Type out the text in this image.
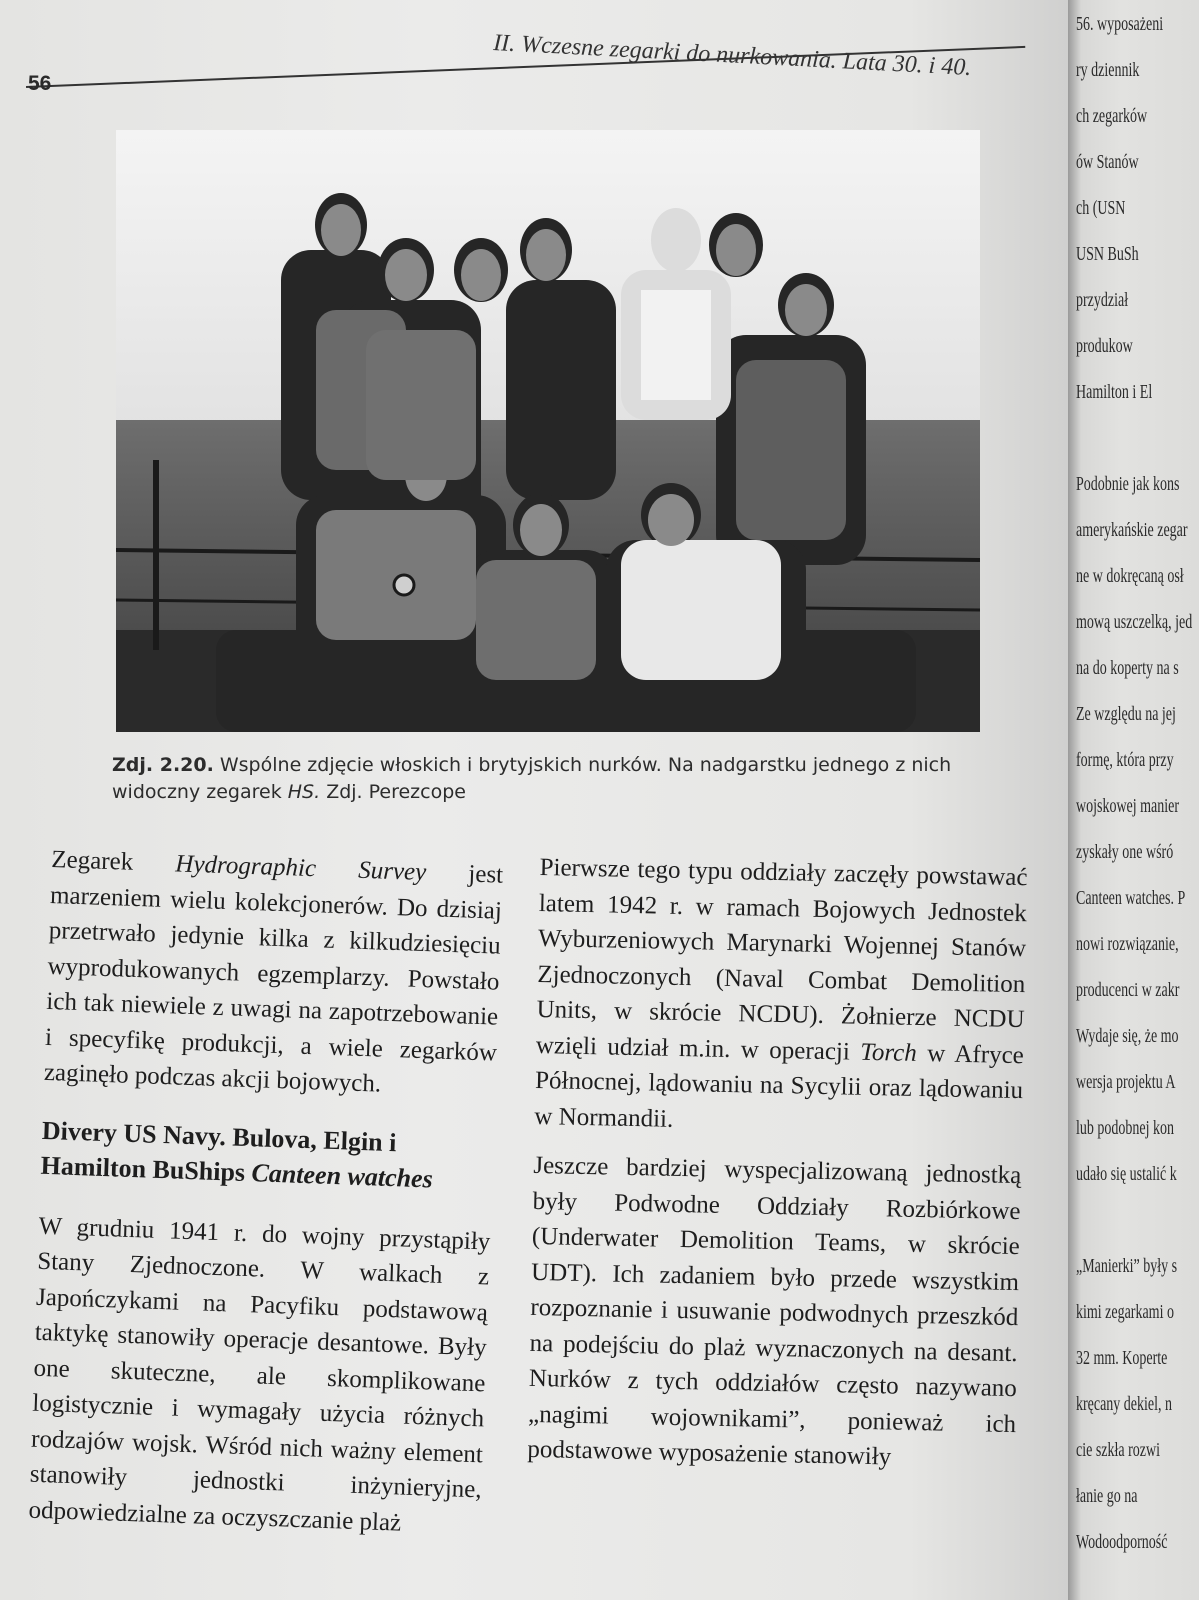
II. Wczesne zegarki do nurkowania. Lata 30. i 40.
56
Zdj. 2.20. Wspólne zdjęcie włoskich i brytyjskich nurków. Na nadgarstku jednego z nich widoczny zegarek HS. Zdj. Perezcope

Zegarek Hydrographic Survey jest marzeniem wielu kolekcjonerów. Do dzisiaj przetrwało jedynie kilka z kilkudziesięciu wyprodukowanych egzemplarzy. Powstało ich tak niewiele z uwagi na zapotrzebowanie i specyfikę produkcji, a wiele zegarków zaginęło podczas akcji bojowych.

Divery US Navy. Bulova, Elgin i Hamilton BuShips Canteen watches

W grudniu 1941 r. do wojny przystąpiły Stany Zjednoczone. W walkach z Japończykami na Pacyfiku podstawową taktykę stanowiły operacje desantowe. Były one skuteczne, ale skomplikowane logistycznie i wymagały użycia różnych rodzajów wojsk. Wśród nich ważny element stanowiły jednostki inżynieryjne, odpowiedzialne za oczyszczanie plaż

Pierwsze tego typu oddziały zaczęły powstawać latem 1942 r. w ramach Bojowych Jednostek Wyburzeniowych Marynarki Wojennej Stanów Zjednoczonych (Naval Combat Demolition Units, w skrócie NCDU). Żołnierze NCDU wzięli udział m.in. w operacji Torch w Afryce Północnej, lądowaniu na Sycylii oraz lądowaniu w Normandii.

Jeszcze bardziej wyspecjalizowaną jednostką były Podwodne Oddziały Rozbiórkowe (Underwater Demolition Teams, w skrócie UDT). Ich zadaniem było przede wszystkim rozpoznanie i usuwanie podwodnych przeszkód na podejściu do plaż wyznaczonych na desant. Nurków z tych oddziałów często nazywano „nagimi wojownikami”, ponieważ ich podstawowe wyposażenie stanowiły

56. wyposażeni
ry dziennik
ch zegarków
ów Stanów
ch (USN
USN BuSh
przydział
produkow
Hamilton i El
Podobnie jak kons
amerykańskie zegar
ne w dokręcaną osł
mową uszczelką, jed
na do koperty na s
Ze względu na jej
formę, która przy
wojskowej manier
zyskały one wśró
Canteen watches. P
nowi rozwiązanie,
producenci w zakr
Wydaje się, że mo
wersja projektu A
lub podobnej kon
udało się ustalić k
„Manierki” były s
kimi zegarkami o
32 mm. Koperte
kręcany dekiel, n
cie szkła rozwi
łanie go na
Wodoodporność
